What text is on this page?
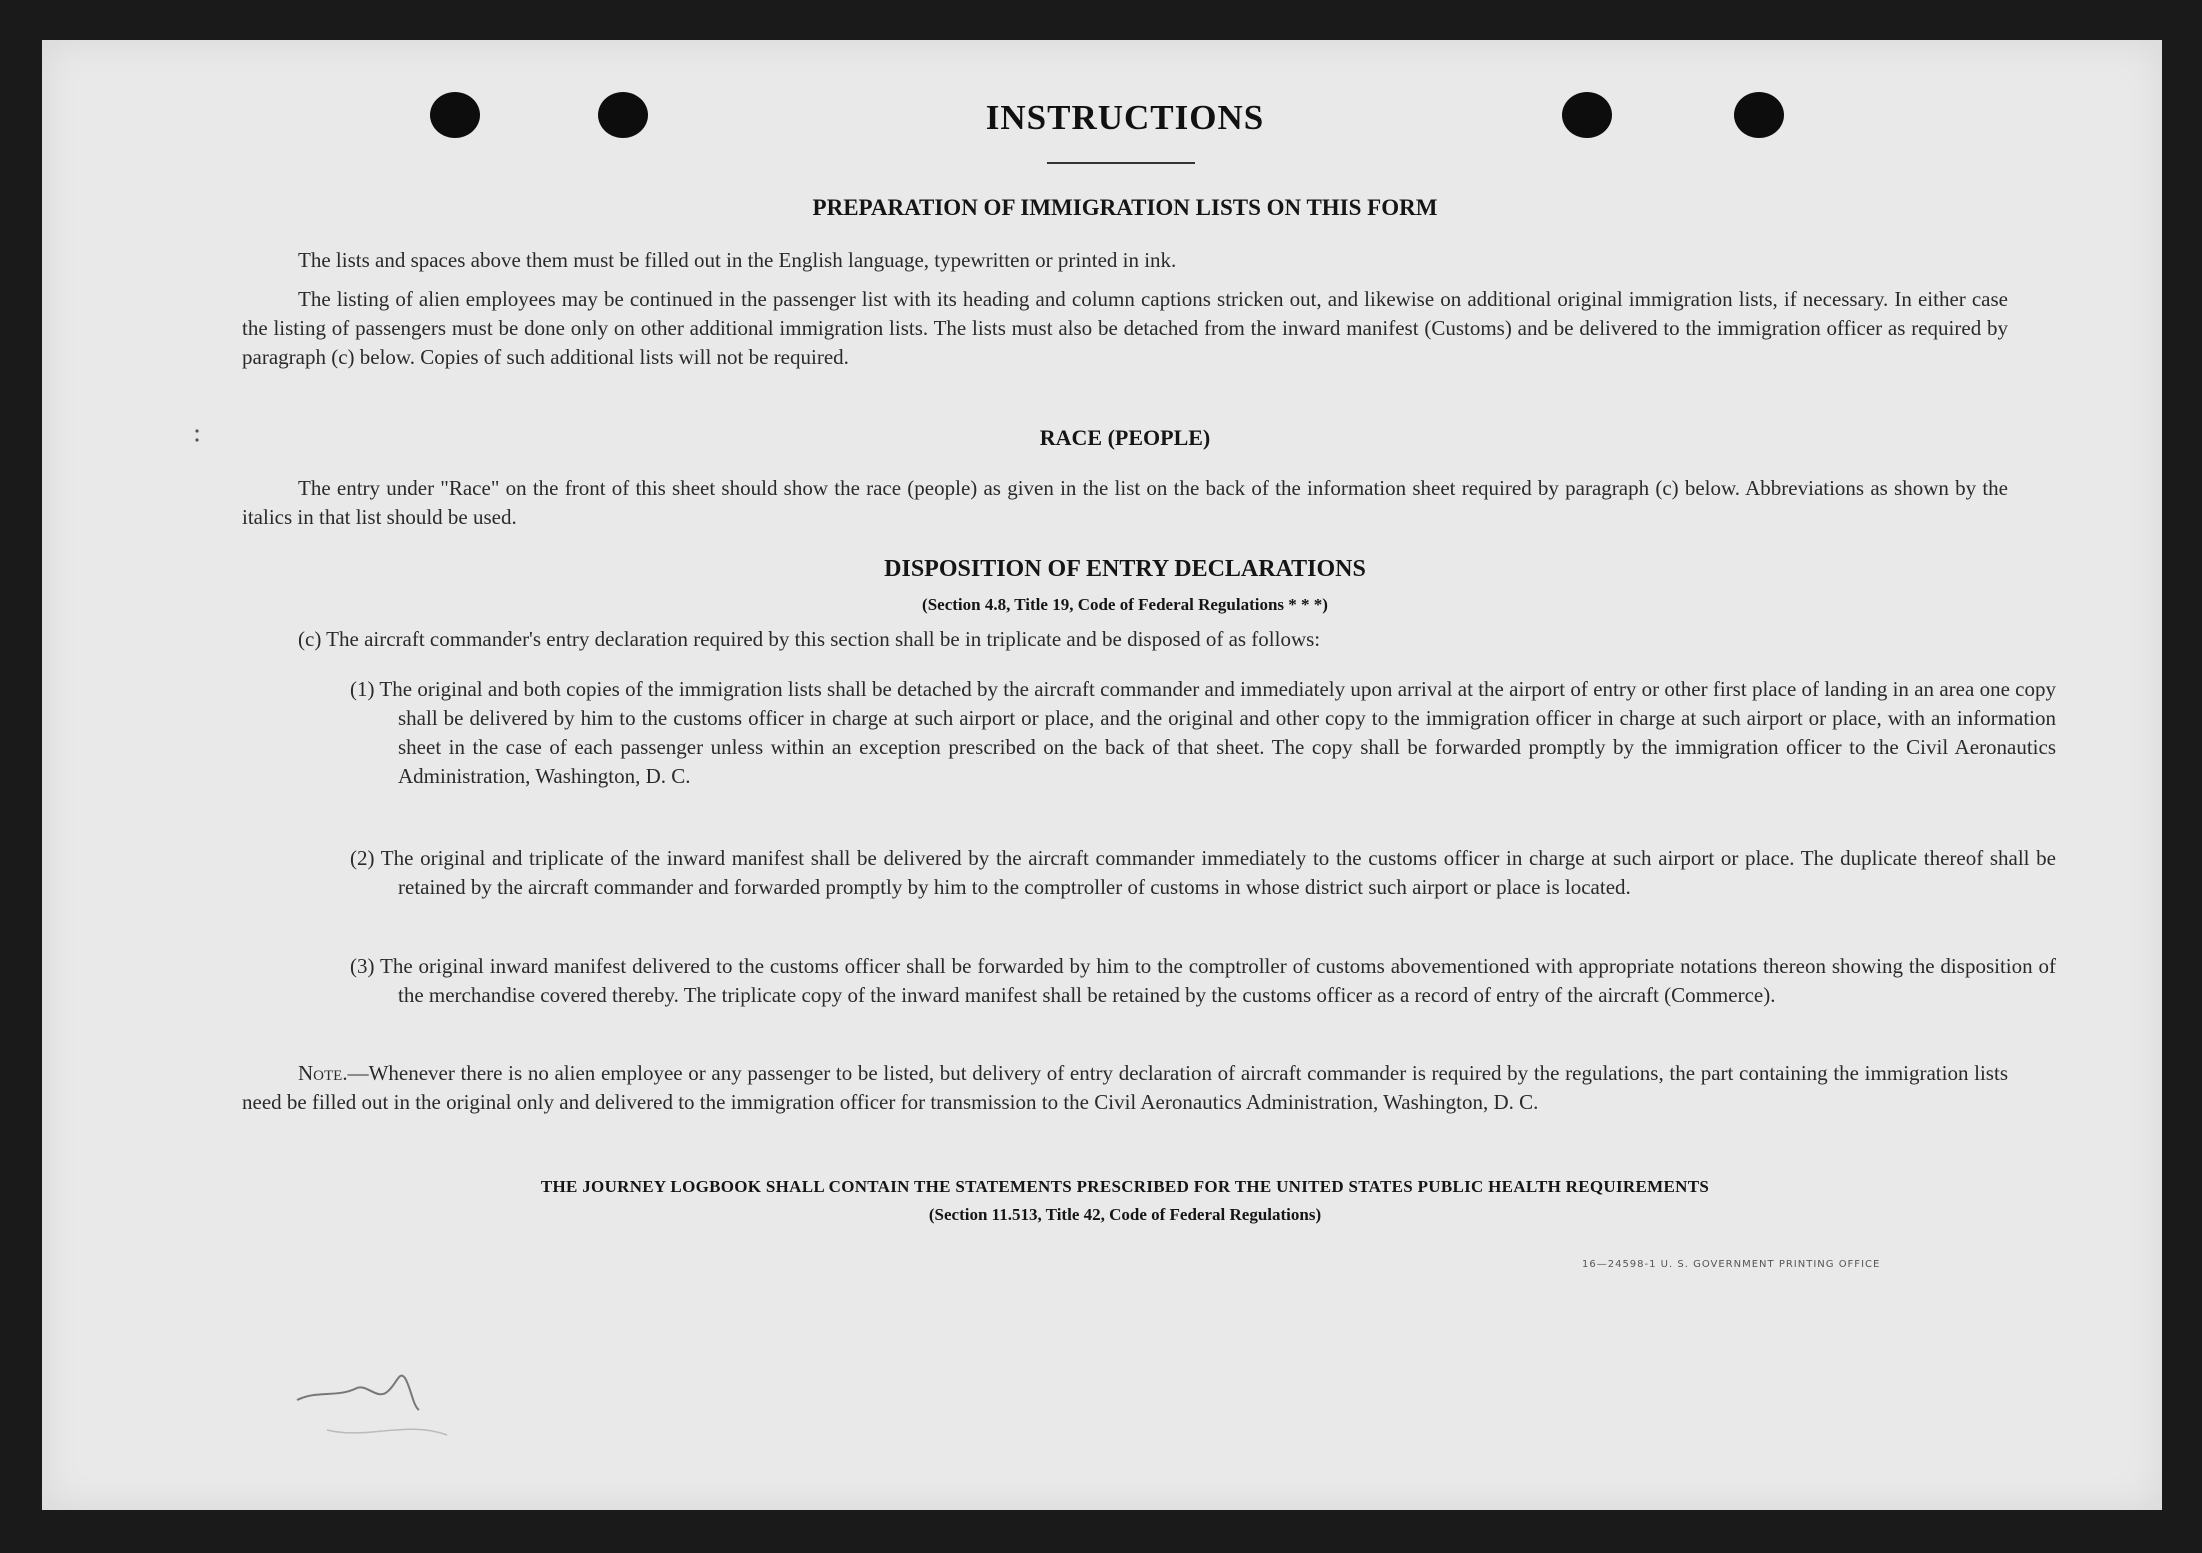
INSTRUCTIONS
PREPARATION OF IMMIGRATION LISTS ON THIS FORM
The lists and spaces above them must be filled out in the English language, typewritten or printed in ink.
The listing of alien employees may be continued in the passenger list with its heading and column captions stricken out, and likewise on additional original immigration lists, if necessary. In either case the listing of passengers must be done only on other additional immigration lists. The lists must also be detached from the inward manifest (Customs) and be delivered to the immigration officer as required by paragraph (c) below. Copies of such additional lists will not be required.
RACE (PEOPLE)
The entry under "Race" on the front of this sheet should show the race (people) as given in the list on the back of the information sheet required by paragraph (c) below. Abbreviations as shown by the italics in that list should be used.
DISPOSITION OF ENTRY DECLARATIONS
(Section 4.8, Title 19, Code of Federal Regulations * * *)
(c) The aircraft commander's entry declaration required by this section shall be in triplicate and be disposed of as follows:
(1) The original and both copies of the immigration lists shall be detached by the aircraft commander and immediately upon arrival at the airport of entry or other first place of landing in an area one copy shall be delivered by him to the customs officer in charge at such airport or place, and the original and other copy to the immigration officer in charge at such airport or place, with an information sheet in the case of each passenger unless within an exception prescribed on the back of that sheet. The copy shall be forwarded promptly by the immigration officer to the Civil Aeronautics Administration, Washington, D. C.
(2) The original and triplicate of the inward manifest shall be delivered by the aircraft commander immediately to the customs officer in charge at such airport or place. The duplicate thereof shall be retained by the aircraft commander and forwarded promptly by him to the comptroller of customs in whose district such airport or place is located.
(3) The original inward manifest delivered to the customs officer shall be forwarded by him to the comptroller of customs abovementioned with appropriate notations thereon showing the disposition of the merchandise covered thereby. The triplicate copy of the inward manifest shall be retained by the customs officer as a record of entry of the aircraft (Commerce).
Note.—Whenever there is no alien employee or any passenger to be listed, but delivery of entry declaration of aircraft commander is required by the regulations, the part containing the immigration lists need be filled out in the original only and delivered to the immigration officer for transmission to the Civil Aeronautics Administration, Washington, D. C.
THE JOURNEY LOGBOOK SHALL CONTAIN THE STATEMENTS PRESCRIBED FOR THE UNITED STATES PUBLIC HEALTH REQUIREMENTS
(Section 11.513, Title 42, Code of Federal Regulations)
16—24598-1 U. S. GOVERNMENT PRINTING OFFICE
